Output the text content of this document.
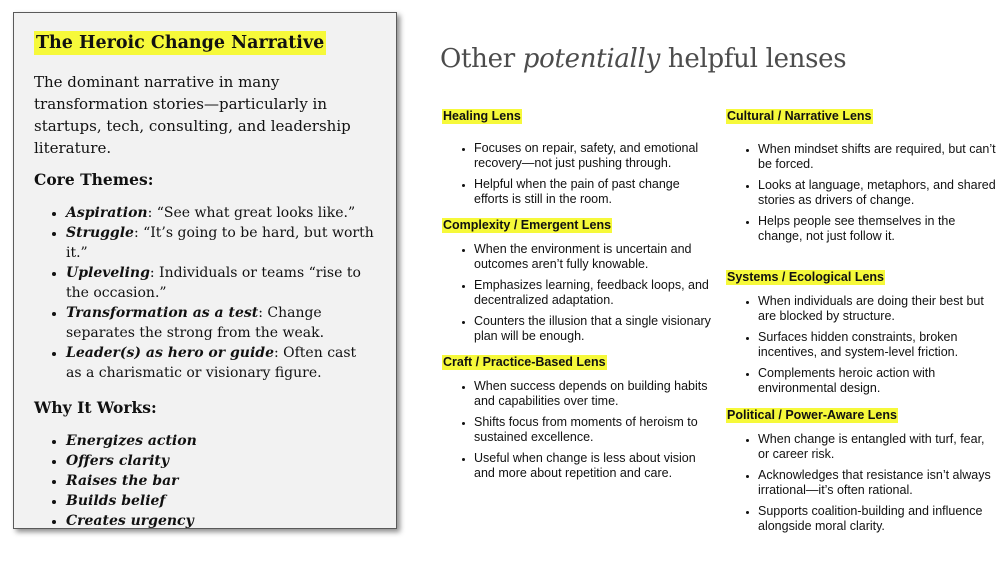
The Heroic Change Narrative

The dominant narrative in many transformation stories—particularly in startups, tech, consulting, and leadership literature.

Core Themes:
• Aspiration: “See what great looks like.”
• Struggle: “It’s going to be hard, but worth it.”
• Upleveling: Individuals or teams “rise to the occasion.”
• Transformation as a test: Change separates the strong from the weak.
• Leader(s) as hero or guide: Often cast as a charismatic or visionary figure.
Why It Works:
• Energizes action
• Offers clarity
• Raises the bar
• Builds belief
• Creates urgency
Other potentially helpful lenses
Healing Lens
• Focuses on repair, safety, and emotional recovery—not just pushing through.
• Helpful when the pain of past change efforts is still in the room.
Complexity / Emergent Lens
• When the environment is uncertain and outcomes aren’t fully knowable.
• Emphasizes learning, feedback loops, and decentralized adaptation.
• Counters the illusion that a single visionary plan will be enough.
Craft / Practice-Based Lens
• When success depends on building habits and capabilities over time.
• Shifts focus from moments of heroism to sustained excellence.
• Useful when change is less about vision and more about repetition and care.
Cultural / Narrative Lens
• When mindset shifts are required, but can’t be forced.
• Looks at language, metaphors, and shared stories as drivers of change.
• Helps people see themselves in the change, not just follow it.
Systems / Ecological Lens
• When individuals are doing their best but are blocked by structure.
• Surfaces hidden constraints, broken incentives, and system-level friction.
• Complements heroic action with environmental design.
Political / Power-Aware Lens
• When change is entangled with turf, fear, or career risk.
• Acknowledges that resistance isn’t always irrational—it’s often rational.
• Supports coalition-building and influence alongside moral clarity.
